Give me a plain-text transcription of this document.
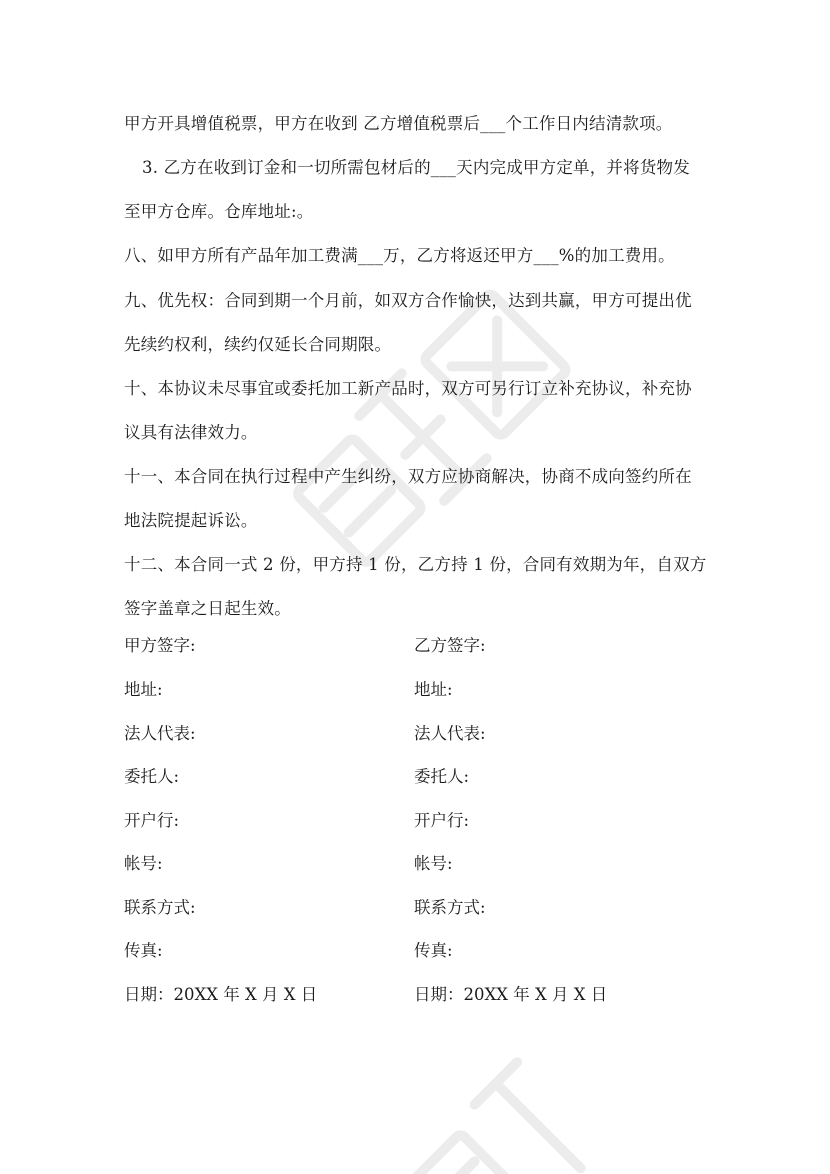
甲方开具增值税票，甲方在收到 乙方增值税票后___个工作日内结清款项。
3. 乙方在收到订金和一切所需包材后的___天内完成甲方定单，并将货物发
至甲方仓库。仓库地址:。
八、如甲方所有产品年加工费满___万，乙方将返还甲方___%的加工费用。
九、优先权：合同到期一个月前，如双方合作愉快，达到共赢，甲方可提出优
先续约权利，续约仅延长合同期限。
十、本协议未尽事宜或委托加工新产品时，双方可另行订立补充协议，补充协
议具有法律效力。
十一、本合同在执行过程中产生纠纷，双方应协商解决，协商不成向签约所在
地法院提起诉讼。
十二、本合同一式 2 份，甲方持 1 份，乙方持 1 份，合同有效期为年，自双方
签字盖章之日起生效。
甲方签字:	乙方签字:
地址:	地址:
法人代表:	法人代表:
委托人:	委托人:
开户行:	开户行:
帐号:	帐号:
联系方式:	联系方式:
传真:	传真:
日期：20XX 年 X 月 X 日	日期：20XX 年 X 月 X 日
